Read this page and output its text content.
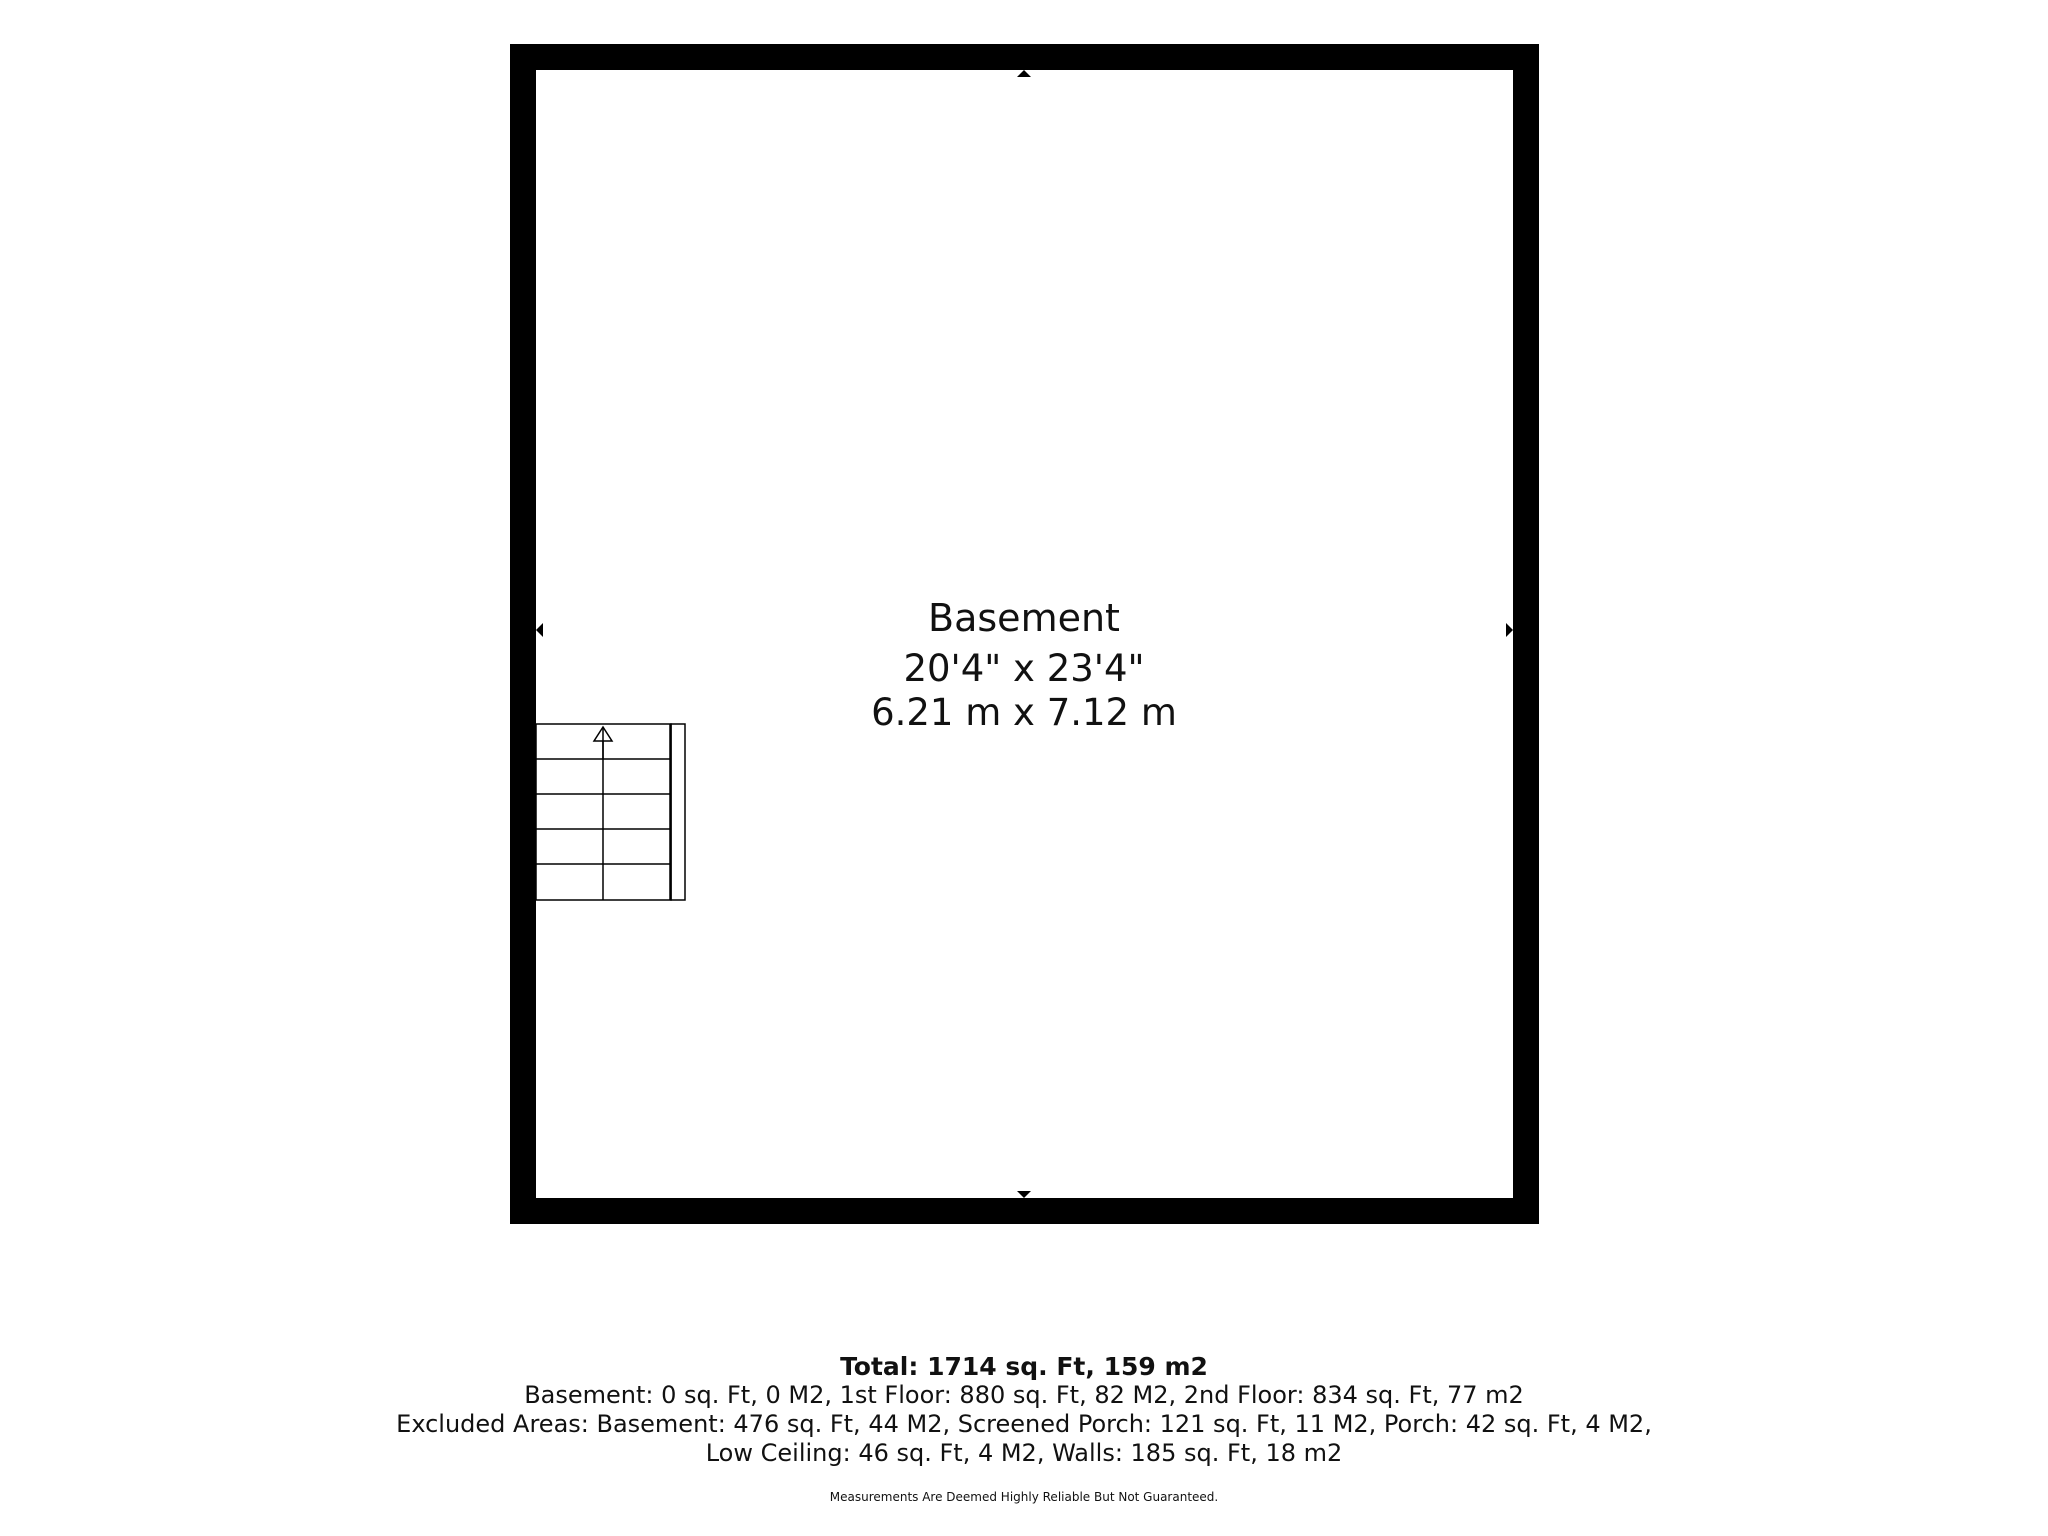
Basement
20'4" x 23'4"
6.21 m x 7.12 m
Total: 1714 sq. Ft, 159 m2
Basement: 0 sq. Ft, 0 M2, 1st Floor: 880 sq. Ft, 82 M2, 2nd Floor: 834 sq. Ft, 77 m2
Excluded Areas: Basement: 476 sq. Ft, 44 M2, Screened Porch: 121 sq. Ft, 11 M2, Porch: 42 sq. Ft, 4 M2,
Low Ceiling: 46 sq. Ft, 4 M2, Walls: 185 sq. Ft, 18 m2
Measurements Are Deemed Highly Reliable But Not Guaranteed.
